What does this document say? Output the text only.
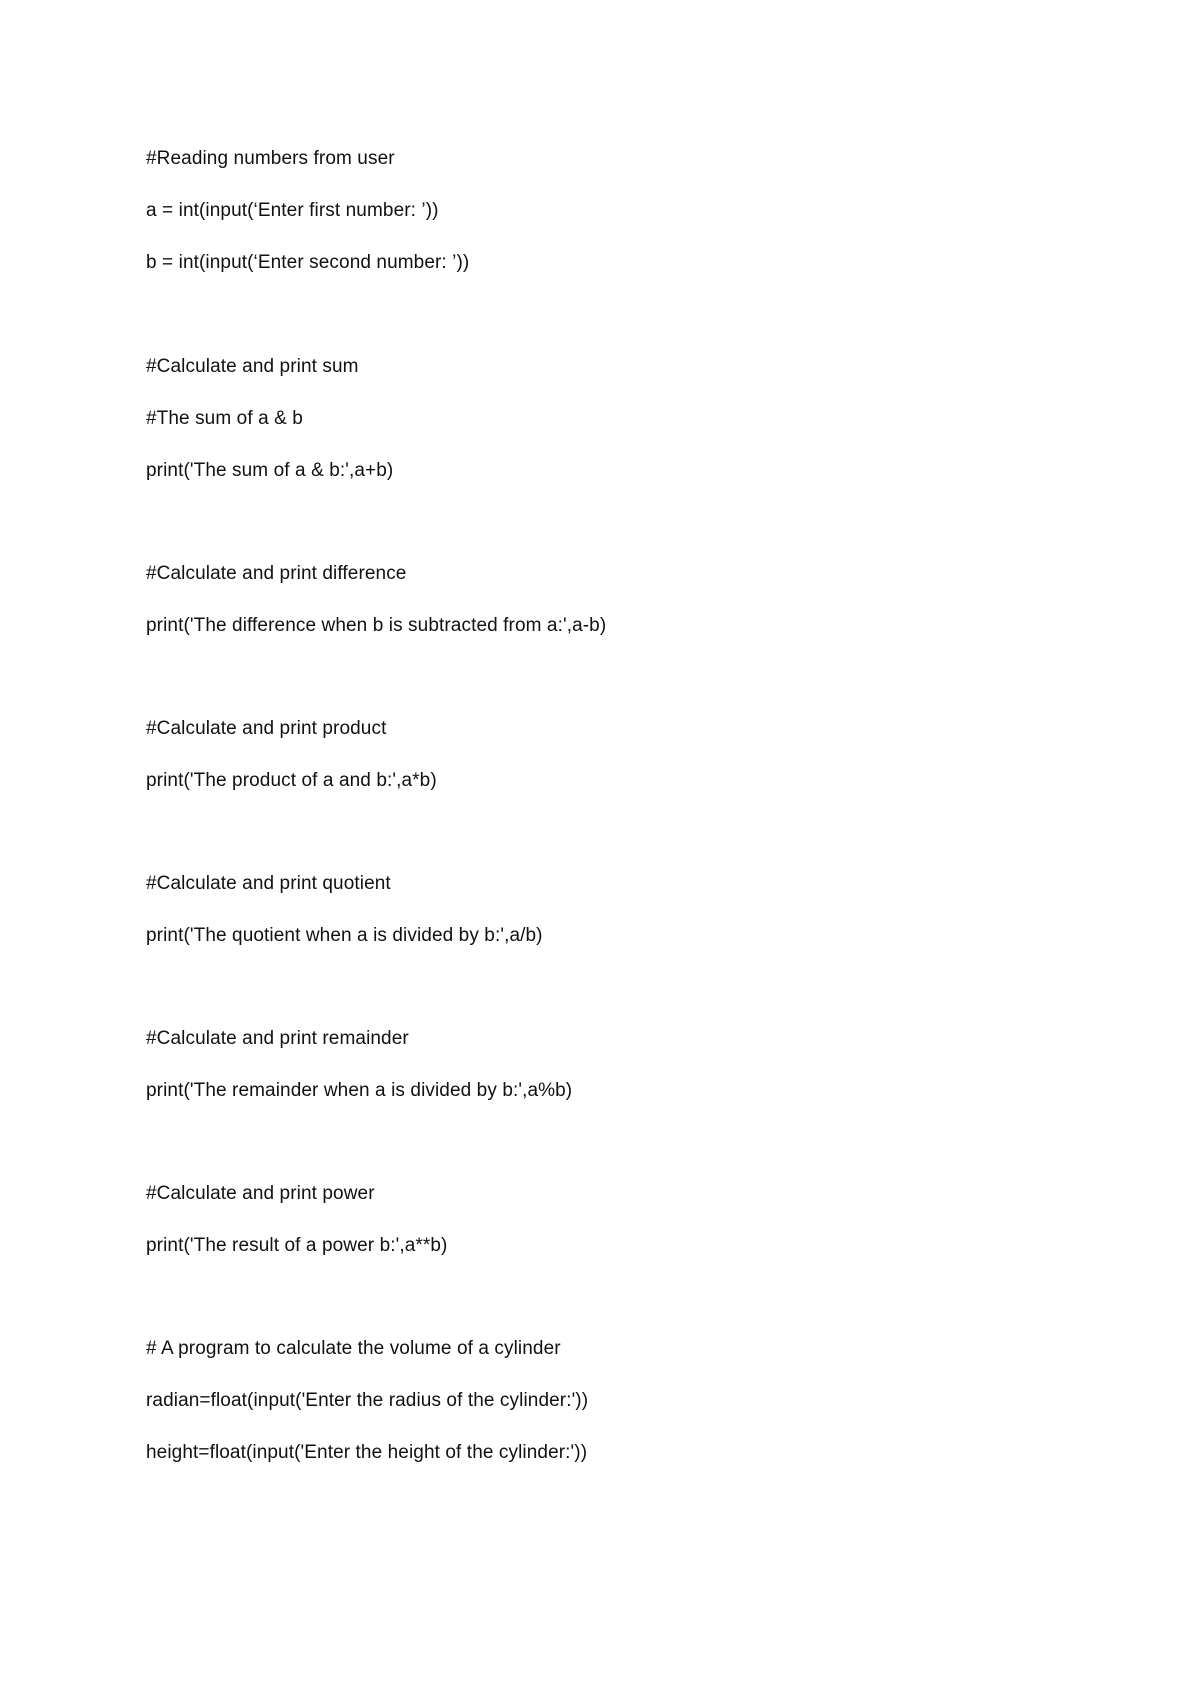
#Reading numbers from user

a = int(input(‘Enter first number: ’))

b = int(input(‘Enter second number: ’))

#Calculate and print sum

#The sum of a & b

print('The sum of a & b:',a+b)

#Calculate and print difference

print('The difference when b is subtracted from a:',a-b)

#Calculate and print product

print('The product of a and b:',a*b)

#Calculate and print quotient

print('The quotient when a is divided by b:',a/b)

#Calculate and print remainder

print('The remainder when a is divided by b:',a%b)

#Calculate and print power

print('The result of a power b:',a**b)

# A program to calculate the volume of a cylinder

radian=float(input('Enter the radius of the cylinder:'))

height=float(input('Enter the height of the cylinder:'))
